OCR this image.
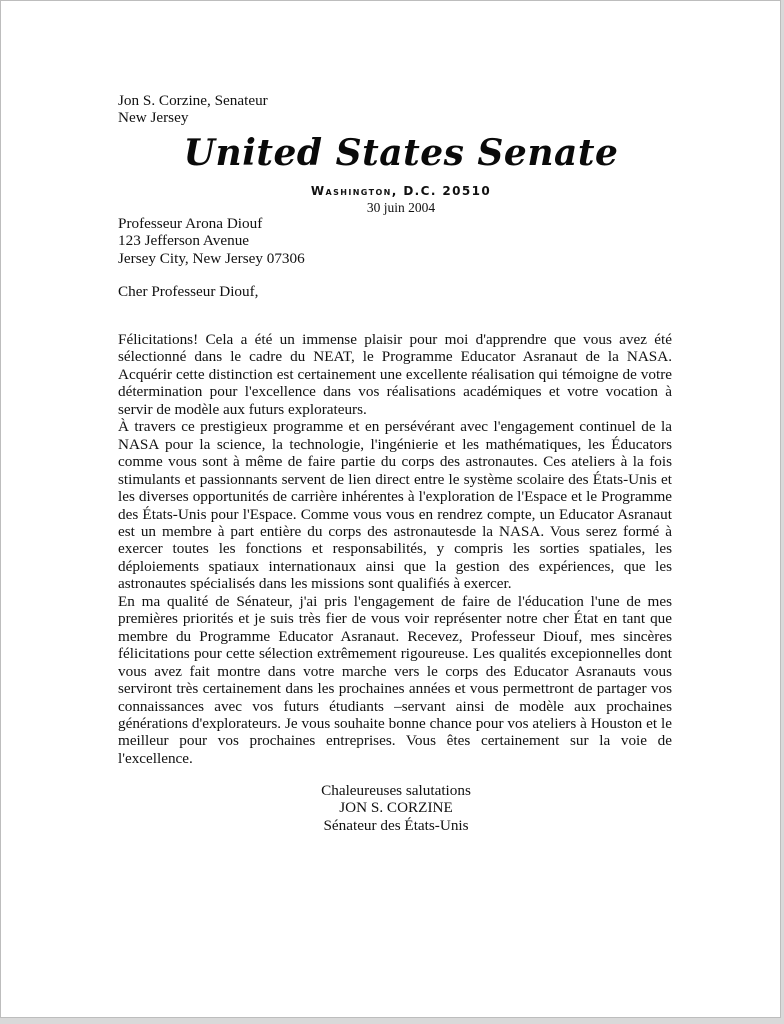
Jon S. Corzine, Senateur
New Jersey
United States Senate
Washington, D.C. 20510
30 juin 2004
Professeur Arona Diouf
123 Jefferson Avenue
Jersey City, New Jersey 07306
Cher Professeur Diouf,

Félicitations! Cela a été un immense plaisir pour moi d'apprendre que vous avez été sélectionné dans le cadre du NEAT, le Programme Educator Asranaut de la NASA. Acquérir cette distinction est certainement une excellente réalisation qui témoigne de votre détermination pour l'excellence dans vos réalisations académiques et votre vocation à servir de modèle aux futurs explorateurs.

À travers ce prestigieux programme et en persévérant avec l'engagement continuel de la NASA pour la science, la technologie, l'ingénierie et les mathématiques, les Éducators comme vous sont à même de faire partie du corps des astronautes. Ces ateliers à la fois stimulants et passionnants servent de lien direct entre le système scolaire des États-Unis et les diverses opportunités de carrière inhérentes à l'exploration de l'Espace et le Programme des États-Unis pour l'Espace. Comme vous vous en rendrez compte, un Educator Asranaut est un membre à part entière du corps des astronautesde la NASA. Vous serez formé à exercer toutes les fonctions et responsabilités, y compris les sorties spatiales, les déploiements spatiaux internationaux ainsi que la gestion des expériences, que les astronautes spécialisés dans les missions sont qualifiés à exercer.

En ma qualité de Sénateur, j'ai pris l'engagement de faire de l'éducation l'une de mes premières priorités et je suis très fier de vous voir représenter notre cher État en tant que membre du Programme Educator Asranaut. Recevez, Professeur Diouf, mes sincères félicitations pour cette sélection extrêmement rigoureuse. Les qualités excepionnelles dont vous avez fait montre dans votre marche vers le corps des Educator Asranauts vous serviront très certainement dans les prochaines années et vous permettront de partager vos connaissances avec vos futurs étudiants –servant ainsi de modèle aux prochaines générations d'explorateurs. Je vous souhaite bonne chance pour vos ateliers à Houston et le meilleur pour vos prochaines entreprises. Vous êtes certainement sur la voie de l'excellence.

Chaleureuses salutations
JON S. CORZINE
Sénateur des États-Unis
